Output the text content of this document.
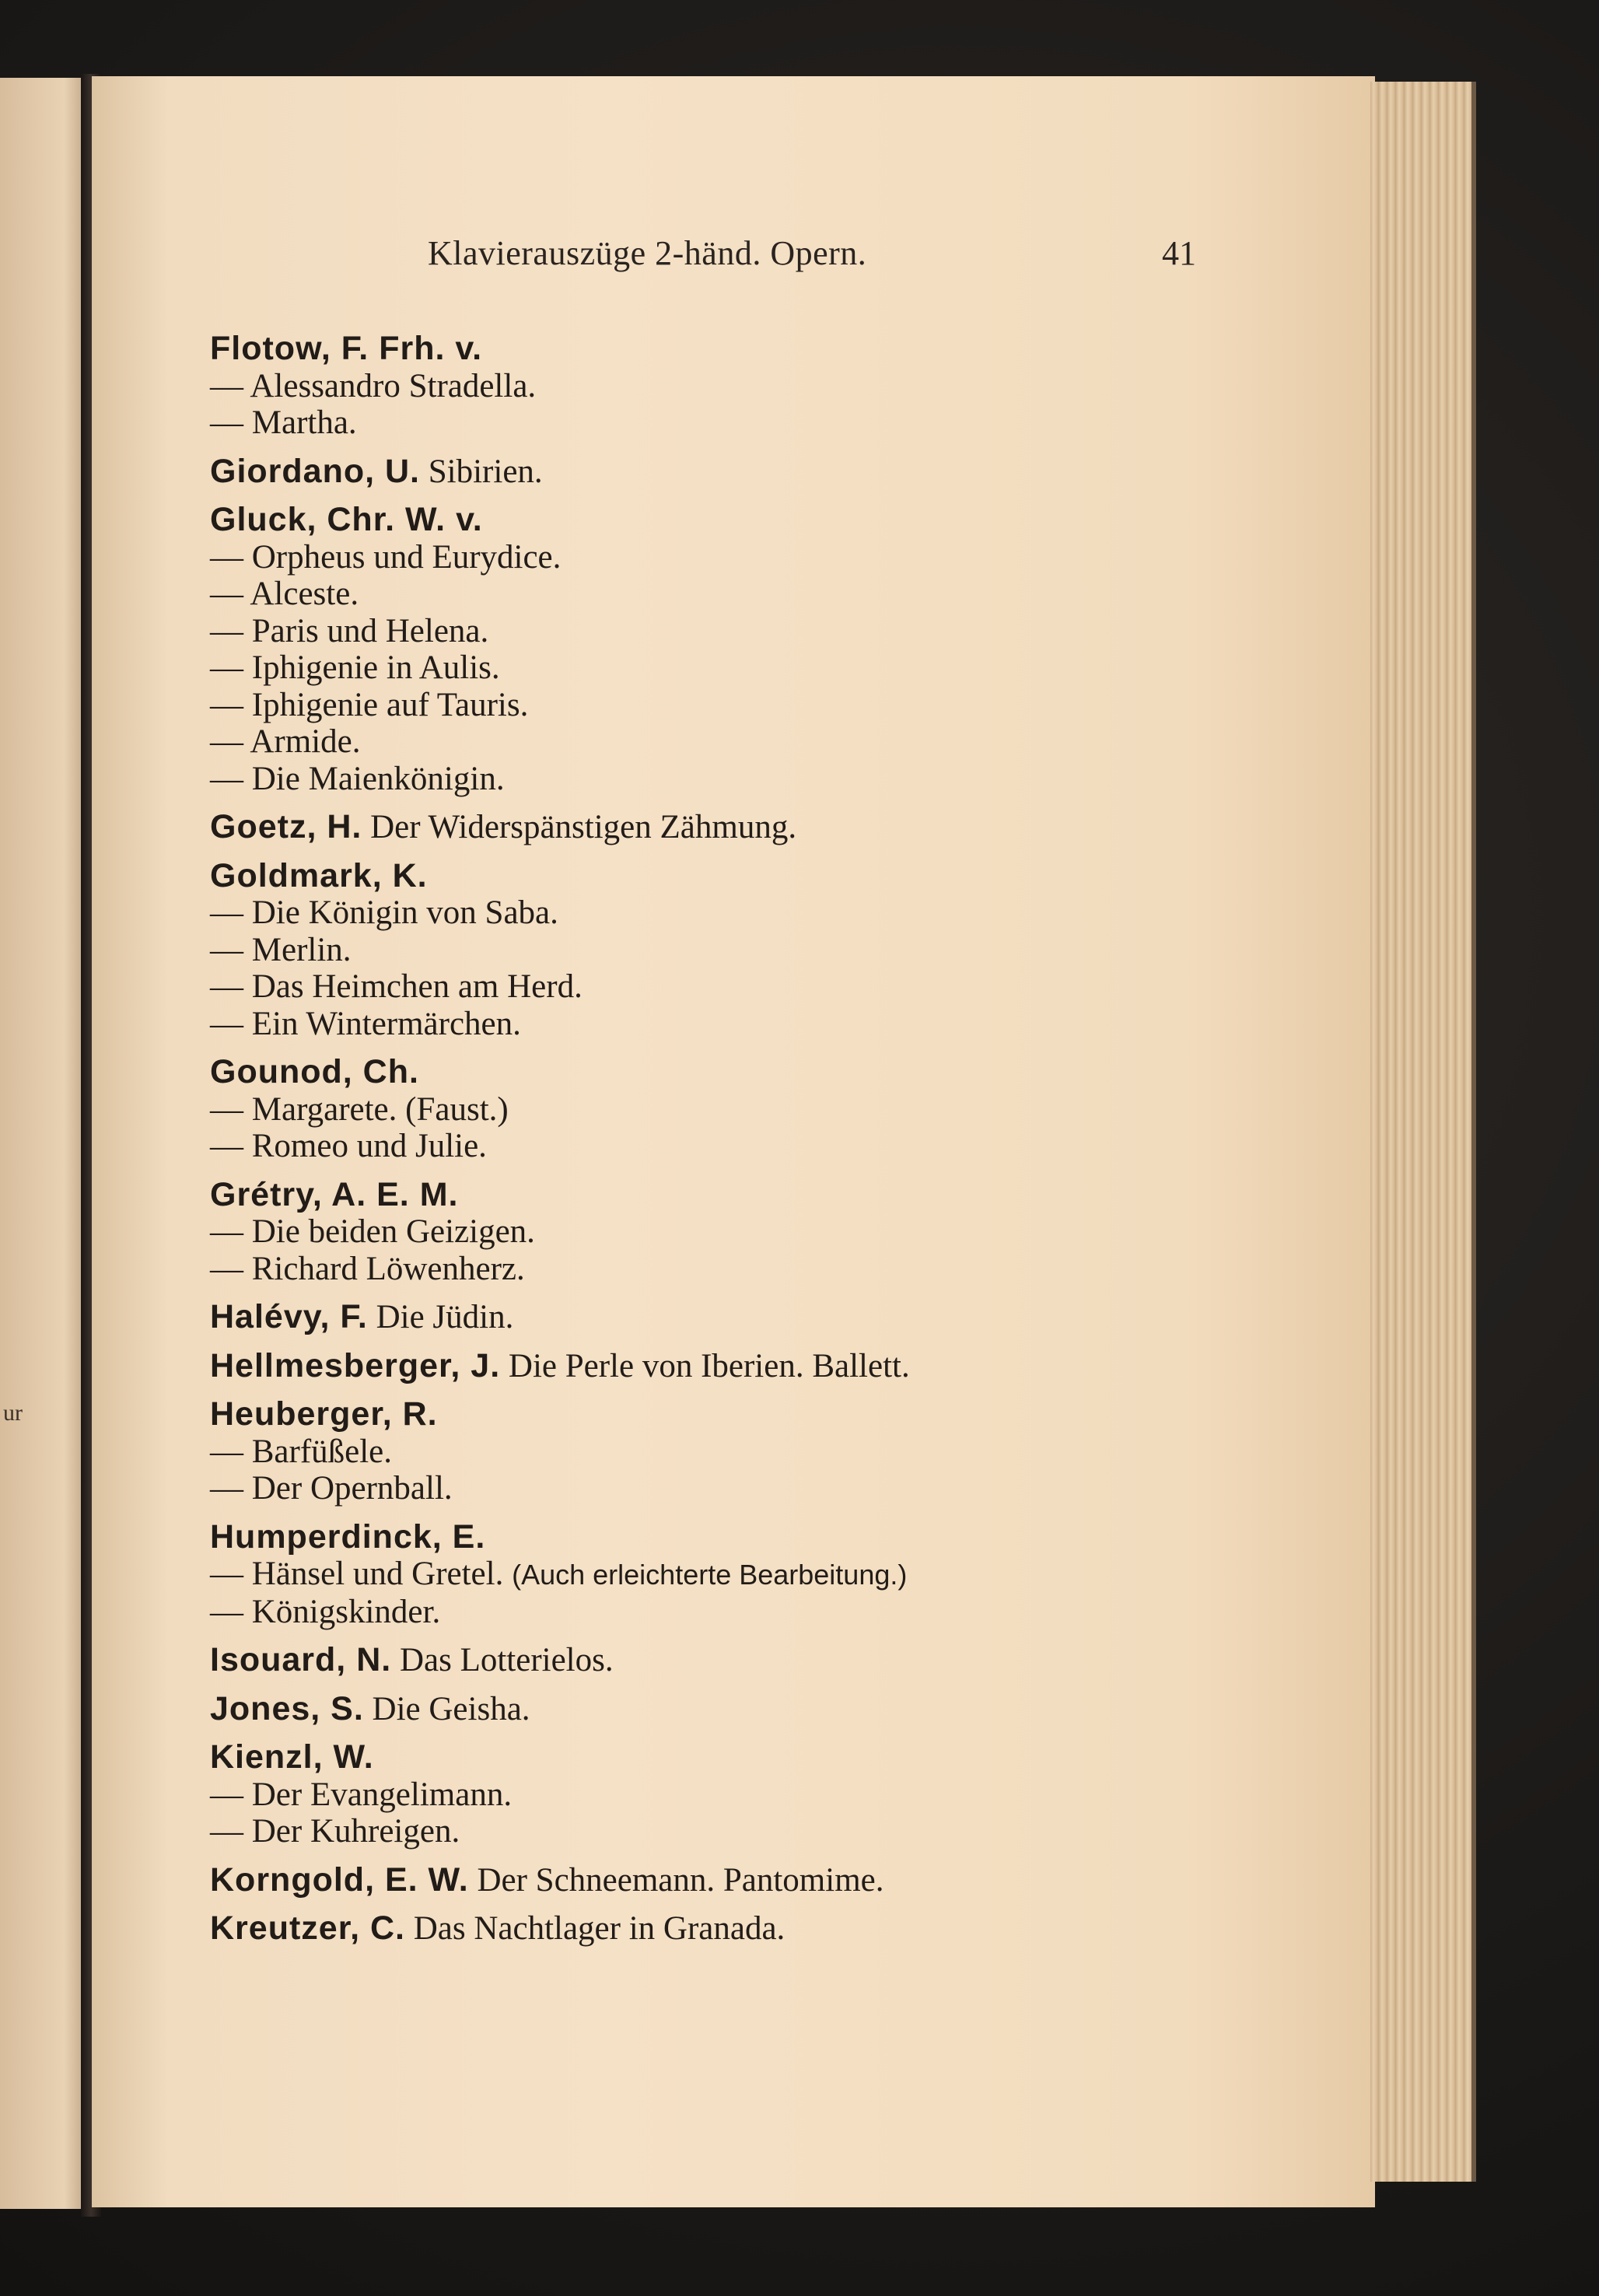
ur
Klavierauszüge 2-händ. Opern.	41
Flotow, F. Frh. v.
— Alessandro Stradella.
— Martha.
Giordano, U. Sibirien.
Gluck, Chr. W. v.
— Orpheus und Eurydice.
— Alceste.
— Paris und Helena.
— Iphigenie in Aulis.
— Iphigenie auf Tauris.
— Armide.
— Die Maienkönigin.
Goetz, H. Der Widerspänstigen Zähmung.
Goldmark, K.
— Die Königin von Saba.
— Merlin.
— Das Heimchen am Herd.
— Ein Wintermärchen.
Gounod, Ch.
— Margarete. (Faust.)
— Romeo und Julie.
Grétry, A. E. M.
— Die beiden Geizigen.
— Richard Löwenherz.
Halévy, F. Die Jüdin.
Hellmesberger, J. Die Perle von Iberien. Ballett.
Heuberger, R.
— Barfüßele.
— Der Opernball.
Humperdinck, E.
— Hänsel und Gretel. (Auch erleichterte Bearbeitung.)
— Königskinder.
Isouard, N. Das Lotterielos.
Jones, S. Die Geisha.
Kienzl, W.
— Der Evangelimann.
— Der Kuhreigen.
Korngold, E. W. Der Schneemann. Pantomime.
Kreutzer, C. Das Nachtlager in Granada.
